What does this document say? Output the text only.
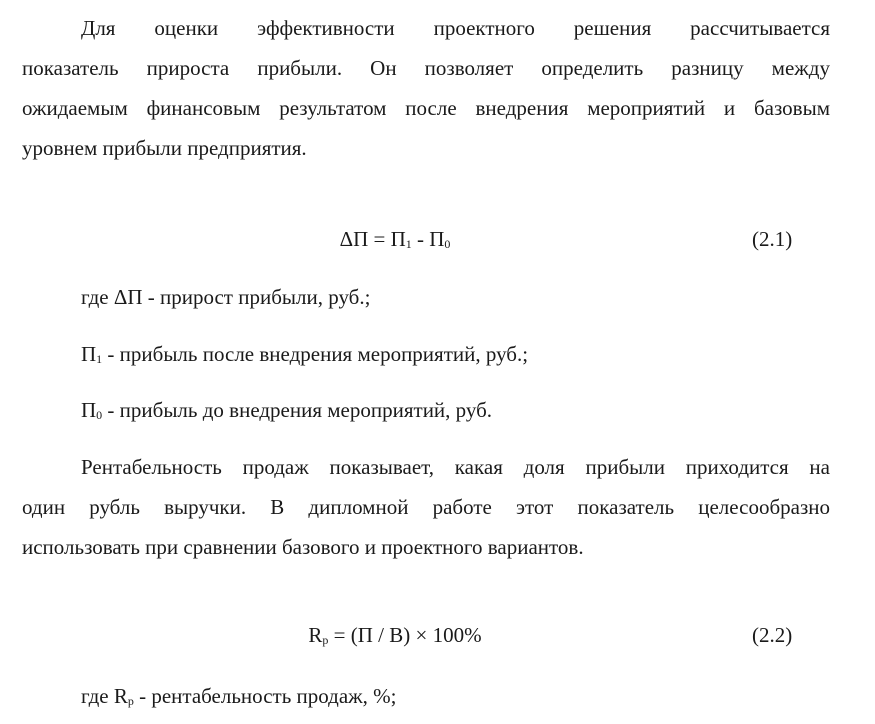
Для оценки эффективности проектного решения рассчитывается
показатель прироста прибыли. Он позволяет определить разницу между
ожидаемым финансовым результатом после внедрения мероприятий и базовым
уровнем прибыли предприятия.
ΔП = П1 - П0	(2.1)
где ΔП - прирост прибыли, руб.;
П1 - прибыль после внедрения мероприятий, руб.;
П0 - прибыль до внедрения мероприятий, руб.
Рентабельность продаж показывает, какая доля прибыли приходится на
один рубль выручки. В дипломной работе этот показатель целесообразно
использовать при сравнении базового и проектного вариантов.
Rр = (П / В) × 100%	(2.2)
где Rр - рентабельность продаж, %;
